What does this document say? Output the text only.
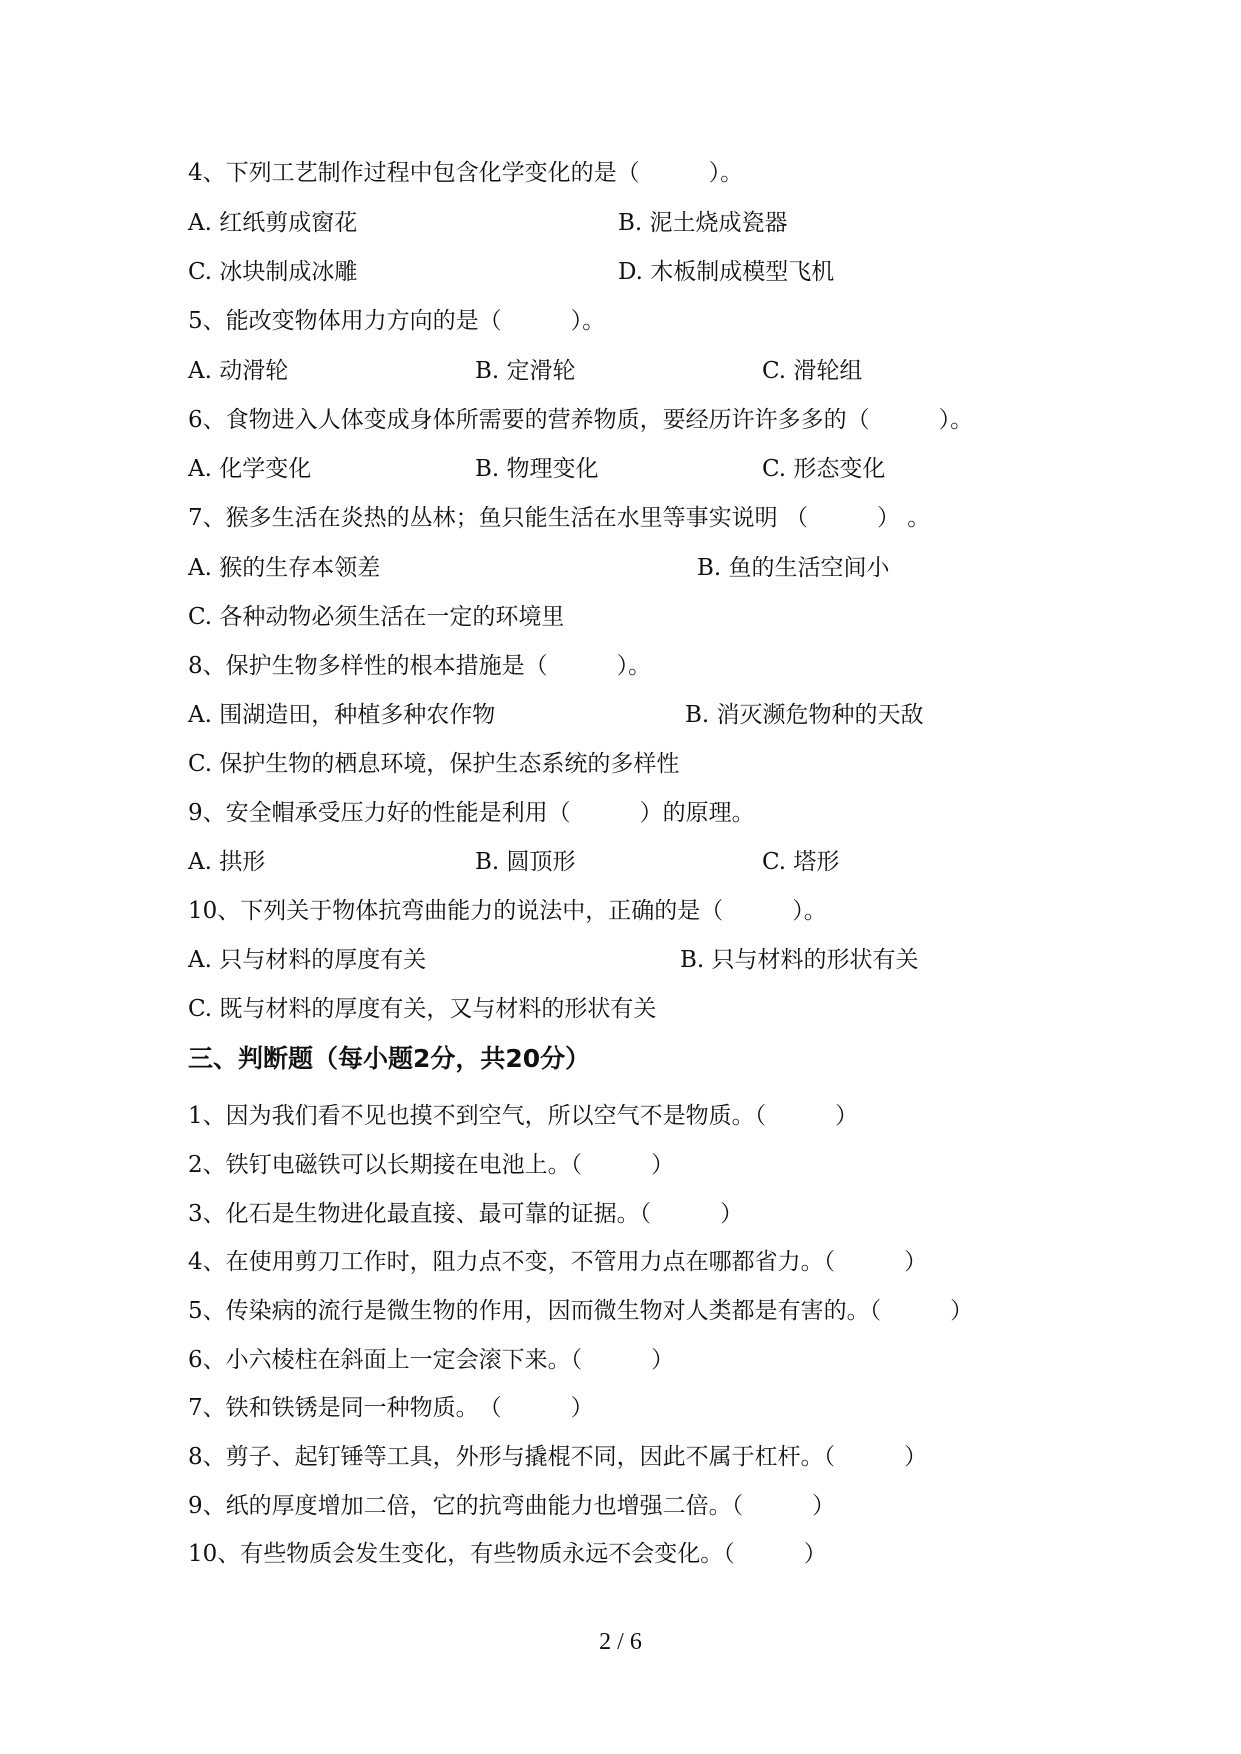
4、下列工艺制作过程中包含化学变化的是（　　　）。
A. 红纸剪成窗花	B. 泥土烧成瓷器
C. 冰块制成冰雕	D. 木板制成模型飞机
5、能改变物体用力方向的是（　　　）。
A. 动滑轮	B. 定滑轮	C. 滑轮组
6、食物进入人体变成身体所需要的营养物质，要经历许许多多的（　　　）。
A. 化学变化	B. 物理变化	C. 形态变化
7、猴多生活在炎热的丛林；鱼只能生活在水里等事实说明 （　　　） 。
A. 猴的生存本领差	B. 鱼的生活空间小
C. 各种动物必须生活在一定的环境里
8、保护生物多样性的根本措施是（　　　）。
A. 围湖造田，种植多种农作物	B. 消灭濒危物种的天敌
C. 保护生物的栖息环境，保护生态系统的多样性
9、安全帽承受压力好的性能是利用（　　　）的原理。
A. 拱形	B. 圆顶形	C. 塔形
10、下列关于物体抗弯曲能力的说法中，正确的是（　　　）。
A. 只与材料的厚度有关	B. 只与材料的形状有关
C. 既与材料的厚度有关，又与材料的形状有关
三、判断题（每小题2分，共20分）
1、因为我们看不见也摸不到空气，所以空气不是物质。（　　　）
2、铁钉电磁铁可以长期接在电池上。（　　　）
3、化石是生物进化最直接、最可靠的证据。（　　　）
4、在使用剪刀工作时，阻力点不变，不管用力点在哪都省力。（　　　）
5、传染病的流行是微生物的作用，因而微生物对人类都是有害的。（　　　）
6、小六棱柱在斜面上一定会滚下来。（　　　）
7、铁和铁锈是同一种物质。　（　　　）
8、剪子、起钉锤等工具，外形与撬棍不同，因此不属于杠杆。（　　　）
9、纸的厚度增加二倍，它的抗弯曲能力也增强二倍。（　　　）
10、有些物质会发生变化，有些物质永远不会变化。（　　　）
2 / 6
